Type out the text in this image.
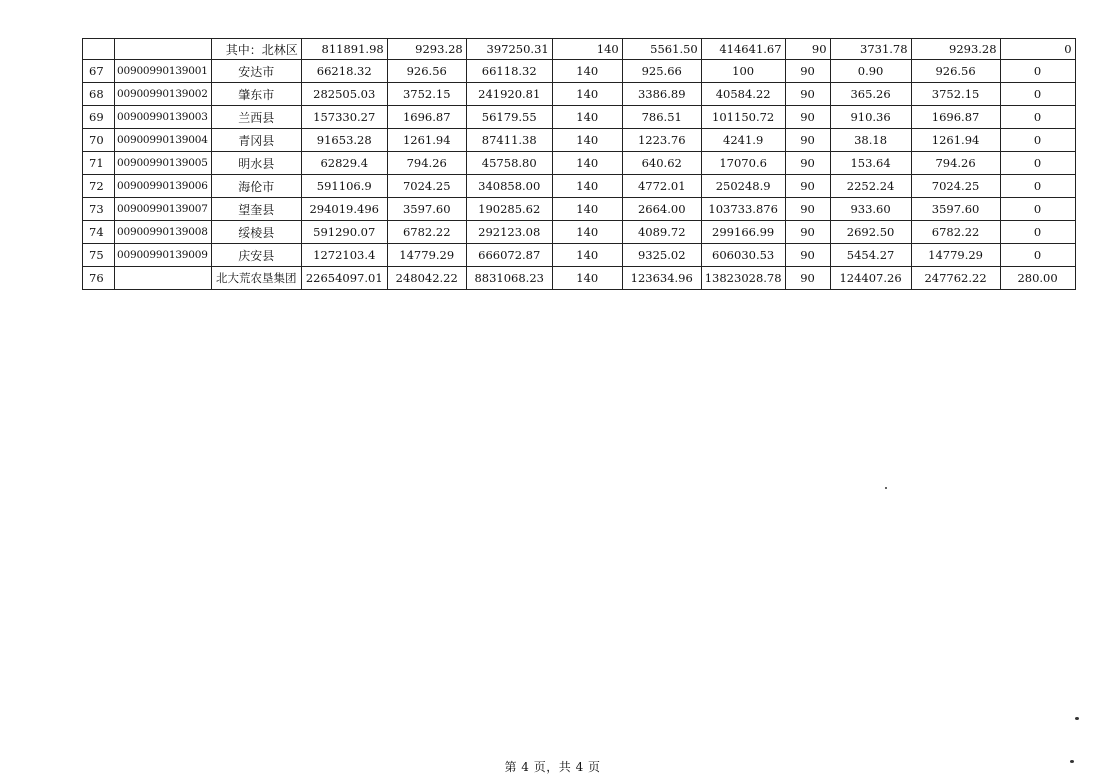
		其中：北林区	811891.98	9293.28	397250.31	140	5561.50	414641.67	90	3731.78	9293.28	0
67	00900990139001	安达市	66218.32	926.56	66118.32	140	925.66	100	90	0.90	926.56	0
68	00900990139002	肇东市	282505.03	3752.15	241920.81	140	3386.89	40584.22	90	365.26	3752.15	0
69	00900990139003	兰西县	157330.27	1696.87	56179.55	140	786.51	101150.72	90	910.36	1696.87	0
70	00900990139004	青冈县	91653.28	1261.94	87411.38	140	1223.76	4241.9	90	38.18	1261.94	0
71	00900990139005	明水县	62829.4	794.26	45758.80	140	640.62	17070.6	90	153.64	794.26	0
72	00900990139006	海伦市	591106.9	7024.25	340858.00	140	4772.01	250248.9	90	2252.24	7024.25	0
73	00900990139007	望奎县	294019.496	3597.60	190285.62	140	2664.00	103733.876	90	933.60	3597.60	0
74	00900990139008	绥棱县	591290.07	6782.22	292123.08	140	4089.72	299166.99	90	2692.50	6782.22	0
75	00900990139009	庆安县	1272103.4	14779.29	666072.87	140	9325.02	606030.53	90	5454.27	14779.29	0
76		北大荒农垦集团	22654097.01	248042.22	8831068.23	140	123634.96	13823028.78	90	124407.26	247762.22	280.00
第 4 页，共 4 页
